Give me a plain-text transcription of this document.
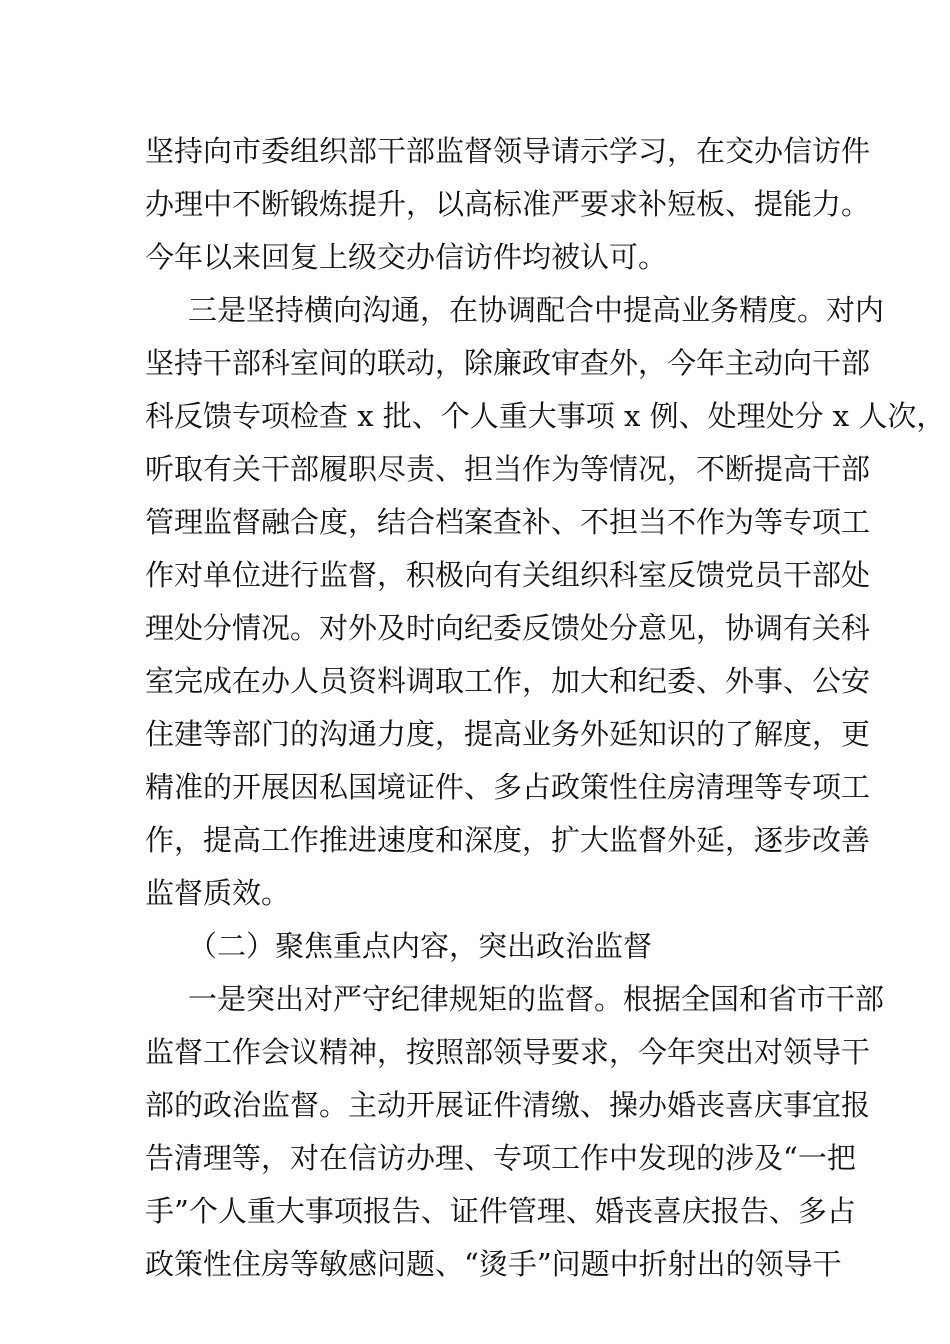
坚持向市委组织部干部监督领导请示学习，在交办信访件
办理中不断锻炼提升，以高标准严要求补短板、提能力。
今年以来回复上级交办信访件均被认可。
三是坚持横向沟通，在协调配合中提高业务精度。对内
坚持干部科室间的联动，除廉政审查外，今年主动向干部
科反馈专项检查 x 批、个人重大事项 x 例、处理处分 x 人次，
听取有关干部履职尽责、担当作为等情况，不断提高干部
管理监督融合度，结合档案查补、不担当不作为等专项工
作对单位进行监督，积极向有关组织科室反馈党员干部处
理处分情况。对外及时向纪委反馈处分意见，协调有关科
室完成在办人员资料调取工作，加大和纪委、外事、公安
住建等部门的沟通力度，提高业务外延知识的了解度，更
精准的开展因私国境证件、多占政策性住房清理等专项工
作，提高工作推进速度和深度，扩大监督外延，逐步改善
监督质效。
（二）聚焦重点内容，突出政治监督
一是突出对严守纪律规矩的监督。根据全国和省市干部
监督工作会议精神，按照部领导要求，今年突出对领导干
部的政治监督。主动开展证件清缴、操办婚丧喜庆事宜报
告清理等，对在信访办理、专项工作中发现的涉及“一把
手”个人重大事项报告、证件管理、婚丧喜庆报告、多占
政策性住房等敏感问题、“烫手”问题中折射出的领导干
